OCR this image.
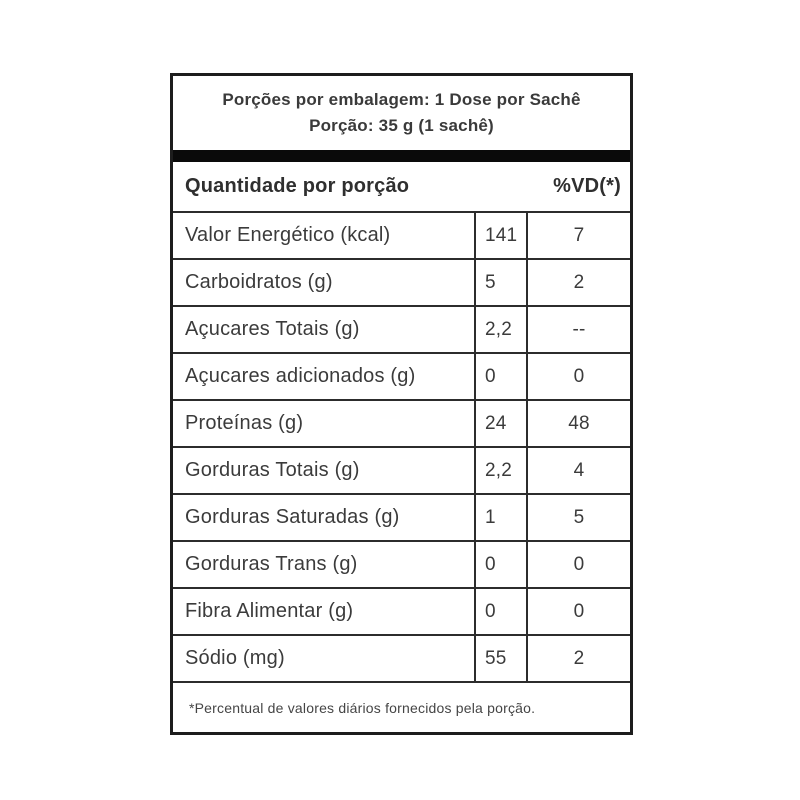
Porções por embalagem: 1 Dose por Sachê
Porção: 35 g (1 sachê)
Quantidade por porção	%VD(*)
Valor Energético (kcal)	141	7
Carboidratos (g)	5	2
Açucares Totais (g)	2,2	--
Açucares adicionados (g)	0	0
Proteínas (g)	24	48
Gorduras Totais (g)	2,2	4
Gorduras Saturadas (g)	1	5
Gorduras Trans (g)	0	0
Fibra Alimentar (g)	0	0
Sódio (mg)	55	2
*Percentual de valores diários fornecidos pela porção.
